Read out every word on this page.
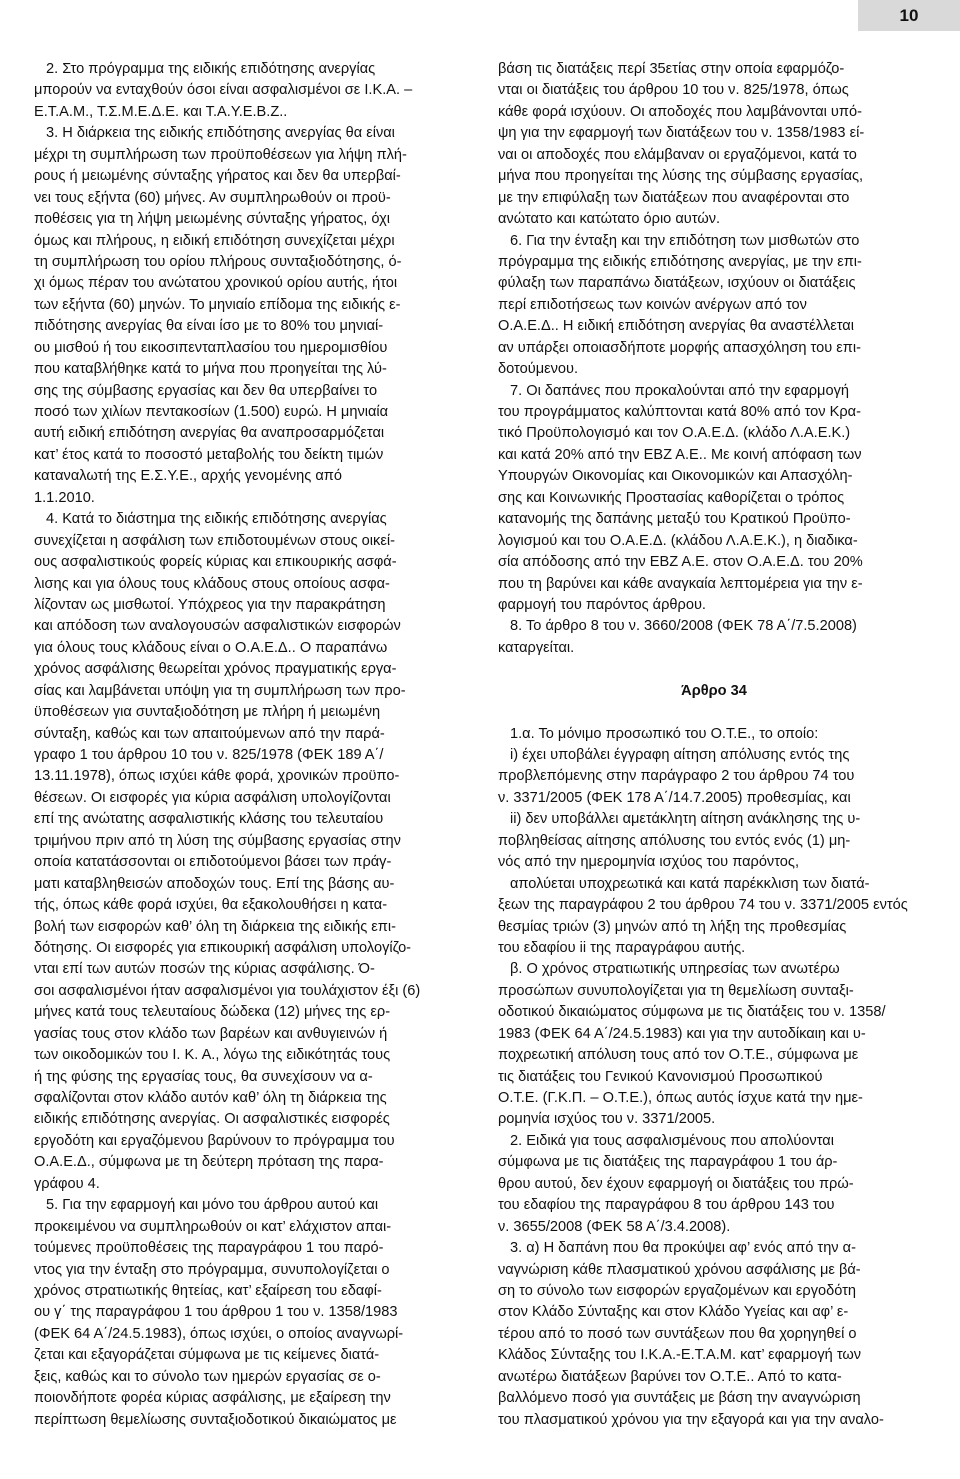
10
2. Στο πρόγραμμα της ειδικής επιδότησης ανεργίας
μπορούν να ενταχθούν όσοι είναι ασφαλισμένοι σε Ι.Κ.Α. –
Ε.Τ.Α.Μ., Τ.Σ.Μ.Ε.Δ.Ε. και Τ.Α.Υ.Ε.Β.Ζ..
3. Η διάρκεια της ειδικής επιδότησης ανεργίας θα είναι
μέχρι τη συμπλήρωση των προϋποθέσεων για λήψη πλή-
ρους ή μειωμένης σύνταξης γήρατος και δεν θα υπερβαί-
νει τους εξήντα (60) μήνες. Αν συμπληρωθούν οι προϋ-
ποθέσεις για τη λήψη μειωμένης σύνταξης γήρατος, όχι
όμως και πλήρους, η ειδική επιδότηση συνεχίζεται μέχρι
τη συμπλήρωση του ορίου πλήρους συνταξιοδότησης, ό-
χι όμως πέραν του ανώτατου χρονικού ορίου αυτής, ήτοι
των εξήντα (60) μηνών. Το μηνιαίο επίδομα της ειδικής ε-
πιδότησης ανεργίας θα είναι ίσο με το 80% του μηνιαί-
ου μισθού ή του εικοσιπενταπλασίου του ημερομισθίου
που καταβλήθηκε κατά το μήνα που προηγείται της λύ-
σης της σύμβασης εργασίας και δεν θα υπερβαίνει το
ποσό των χιλίων πεντακοσίων (1.500) ευρώ. Η μηνιαία
αυτή ειδική επιδότηση ανεργίας θα αναπροσαρμόζεται
κατ’ έτος κατά το ποσοστό μεταβολής του δείκτη τιμών
καταναλωτή της Ε.Σ.Υ.Ε., αρχής γενομένης από
1.1.2010.
4. Κατά το διάστημα της ειδικής επιδότησης ανεργίας
συνεχίζεται η ασφάλιση των επιδοτουμένων στους οικεί-
ους ασφαλιστικούς φορείς κύριας και επικουρικής ασφά-
λισης και για όλους τους κλάδους στους οποίους ασφα-
λίζονταν ως μισθωτοί. Υπόχρεος για την παρακράτηση
και απόδοση των αναλογουσών ασφαλιστικών εισφορών
για όλους τους κλάδους είναι ο Ο.Α.Ε.Δ.. Ο παραπάνω
χρόνος ασφάλισης θεωρείται χρόνος πραγματικής εργα-
σίας και λαμβάνεται υπόψη για τη συμπλήρωση των προ-
ϋποθέσεων για συνταξιοδότηση με πλήρη ή μειωμένη
σύνταξη, καθώς και των απαιτούμενων από την παρά-
γραφο 1 του άρθρου 10 του ν. 825/1978 (ΦΕΚ 189 Α΄/
13.11.1978), όπως ισχύει κάθε φορά, χρονικών προϋπο-
θέσεων. Οι εισφορές για κύρια ασφάλιση υπολογίζονται
επί της ανώτατης ασφαλιστικής κλάσης του τελευταίου
τριμήνου πριν από τη λύση της σύμβασης εργασίας στην
οποία κατατάσσονται οι επιδοτούμενοι βάσει των πράγ-
ματι καταβληθεισών αποδοχών τους. Επί της βάσης αυ-
τής, όπως κάθε φορά ισχύει, θα εξακολουθήσει η κατα-
βολή των εισφορών καθ’ όλη τη διάρκεια της ειδικής επι-
δότησης. Οι εισφορές για επικουρική ασφάλιση υπολογίζο-
νται επί των αυτών ποσών της κύριας ασφάλισης. Ό-
σοι ασφαλισμένοι ήταν ασφαλισμένοι για τουλάχιστον έξι (6)
μήνες κατά τους τελευταίους δώδεκα (12) μήνες της ερ-
γασίας τους στον κλάδο των βαρέων και ανθυγιεινών ή
των οικοδομικών του Ι. Κ. Α., λόγω της ειδικότητάς τους
ή της φύσης της εργασίας τους, θα συνεχίσουν να α-
σφαλίζονται στον κλάδο αυτόν καθ’ όλη τη διάρκεια της
ειδικής επιδότησης ανεργίας. Οι ασφαλιστικές εισφορές
εργοδότη και εργαζόμενου βαρύνουν το πρόγραμμα του
Ο.Α.Ε.Δ., σύμφωνα με τη δεύτερη πρόταση της παρα-
γράφου 4.
5. Για την εφαρμογή και μόνο του άρθρου αυτού και
προκειμένου να συμπληρωθούν οι κατ’ ελάχιστον απαι-
τούμενες προϋποθέσεις της παραγράφου 1 του παρό-
ντος για την ένταξη στο πρόγραμμα, συνυπολογίζεται ο
χρόνος στρατιωτικής θητείας, κατ’ εξαίρεση του εδαφί-
ου γ΄ της παραγράφου 1 του άρθρου 1 του ν. 1358/1983
(ΦΕΚ 64 Α΄/24.5.1983), όπως ισχύει, ο οποίος αναγνωρί-
ζεται και εξαγοράζεται σύμφωνα με τις κείμενες διατά-
ξεις, καθώς και το σύνολο των ημερών εργασίας σε ο-
ποιονδήποτε φορέα κύριας ασφάλισης, με εξαίρεση την
περίπτωση θεμελίωσης συνταξιοδοτικού δικαιώματος με
βάση τις διατάξεις περί 35ετίας στην οποία εφαρμόζο-
νται οι διατάξεις του άρθρου 10 του ν. 825/1978, όπως
κάθε φορά ισχύουν. Οι αποδοχές που λαμβάνονται υπό-
ψη για την εφαρμογή των διατάξεων του ν. 1358/1983 εί-
ναι οι αποδοχές που ελάμβαναν οι εργαζόμενοι, κατά το
μήνα που προηγείται της λύσης της σύμβασης εργασίας,
με την επιφύλαξη των διατάξεων που αναφέρονται στο
ανώτατο και κατώτατο όριο αυτών.
6. Για την ένταξη και την επιδότηση των μισθωτών στο
πρόγραμμα της ειδικής επιδότησης ανεργίας, με την επι-
φύλαξη των παραπάνω διατάξεων, ισχύουν οι διατάξεις
περί επιδοτήσεως των κοινών ανέργων από τον
Ο.Α.Ε.Δ.. Η ειδική επιδότηση ανεργίας θα αναστέλλεται
αν υπάρξει οποιασδήποτε μορφής απασχόληση του επι-
δοτούμενου.
7. Οι δαπάνες που προκαλούνται από την εφαρμογή
του προγράμματος καλύπτονται κατά 80% από τον Κρα-
τικό Προϋπολογισμό και τον Ο.Α.Ε.Δ. (κλάδο Λ.Α.Ε.Κ.)
και κατά 20% από την ΕΒΖ Α.Ε.. Με κοινή απόφαση των
Υπουργών Οικονομίας και Οικονομικών και Απασχόλη-
σης και Κοινωνικής Προστασίας καθορίζεται ο τρόπος
κατανομής της δαπάνης μεταξύ του Κρατικού Προϋπο-
λογισμού και του Ο.Α.Ε.Δ. (κλάδου Λ.Α.Ε.Κ.), η διαδικα-
σία απόδοσης από την ΕΒΖ Α.Ε. στον Ο.Α.Ε.Δ. του 20%
που τη βαρύνει και κάθε αναγκαία λεπτομέρεια για την ε-
φαρμογή του παρόντος άρθρου.
8. Το άρθρο 8 του ν. 3660/2008 (ΦΕΚ 78 Α΄/7.5.2008)
καταργείται.
Άρθρο 34
1.α. Το μόνιμο προσωπικό του Ο.Τ.Ε., το οποίο:
i) έχει υποβάλει έγγραφη αίτηση απόλυσης εντός της
προβλεπόμενης στην παράγραφο 2 του άρθρου 74 του
ν. 3371/2005 (ΦΕΚ 178 Α΄/14.7.2005) προθεσμίας, και
ii) δεν υποβάλλει αμετάκλητη αίτηση ανάκλησης της υ-
ποβληθείσας αίτησης απόλυσης του εντός ενός (1) μη-
νός από την ημερομηνία ισχύος του παρόντος,
απολύεται υποχρεωτικά και κατά παρέκκλιση των διατά-
ξεων της παραγράφου 2 του άρθρου 74 του ν. 3371/2005 εντός
θεσμίας τριών (3) μηνών από τη λήξη της προθεσμίας
του εδαφίου ii της παραγράφου αυτής.
β. Ο χρόνος στρατιωτικής υπηρεσίας των ανωτέρω
προσώπων συνυπολογίζεται για τη θεμελίωση συνταξι-
οδοτικού δικαιώματος σύμφωνα με τις διατάξεις του ν. 1358/
1983 (ΦΕΚ 64 Α΄/24.5.1983) και για την αυτοδίκαιη και υ-
ποχρεωτική απόλυση τους από τον Ο.Τ.Ε., σύμφωνα με
τις διατάξεις του Γενικού Κανονισμού Προσωπικού
Ο.Τ.Ε. (Γ.Κ.Π. – Ο.Τ.Ε.), όπως αυτός ίσχυε κατά την ημε-
ρομηνία ισχύος του ν. 3371/2005.
2. Ειδικά για τους ασφαλισμένους που απολύονται
σύμφωνα με τις διατάξεις της παραγράφου 1 του άρ-
θρου αυτού, δεν έχουν εφαρμογή οι διατάξεις του πρώ-
του εδαφίου της παραγράφου 8 του άρθρου 143 του
ν. 3655/2008 (ΦΕΚ 58 Α΄/3.4.2008).
3. α) Η δαπάνη που θα προκύψει αφ’ ενός από την α-
ναγνώριση κάθε πλασματικού χρόνου ασφάλισης με βά-
ση το σύνολο των εισφορών εργαζομένων και εργοδότη
στον Κλάδο Σύνταξης και στον Κλάδο Υγείας και αφ’ ε-
τέρου από το ποσό των συντάξεων που θα χορηγηθεί ο
Κλάδος Σύνταξης του Ι.Κ.Α.-Ε.Τ.Α.Μ. κατ’ εφαρμογή των
ανωτέρω διατάξεων βαρύνει τον Ο.Τ.Ε.. Από το κατα-
βαλλόμενο ποσό για συντάξεις με βάση την αναγνώριση
του πλασματικού χρόνου για την εξαγορά και για την αναλο-
